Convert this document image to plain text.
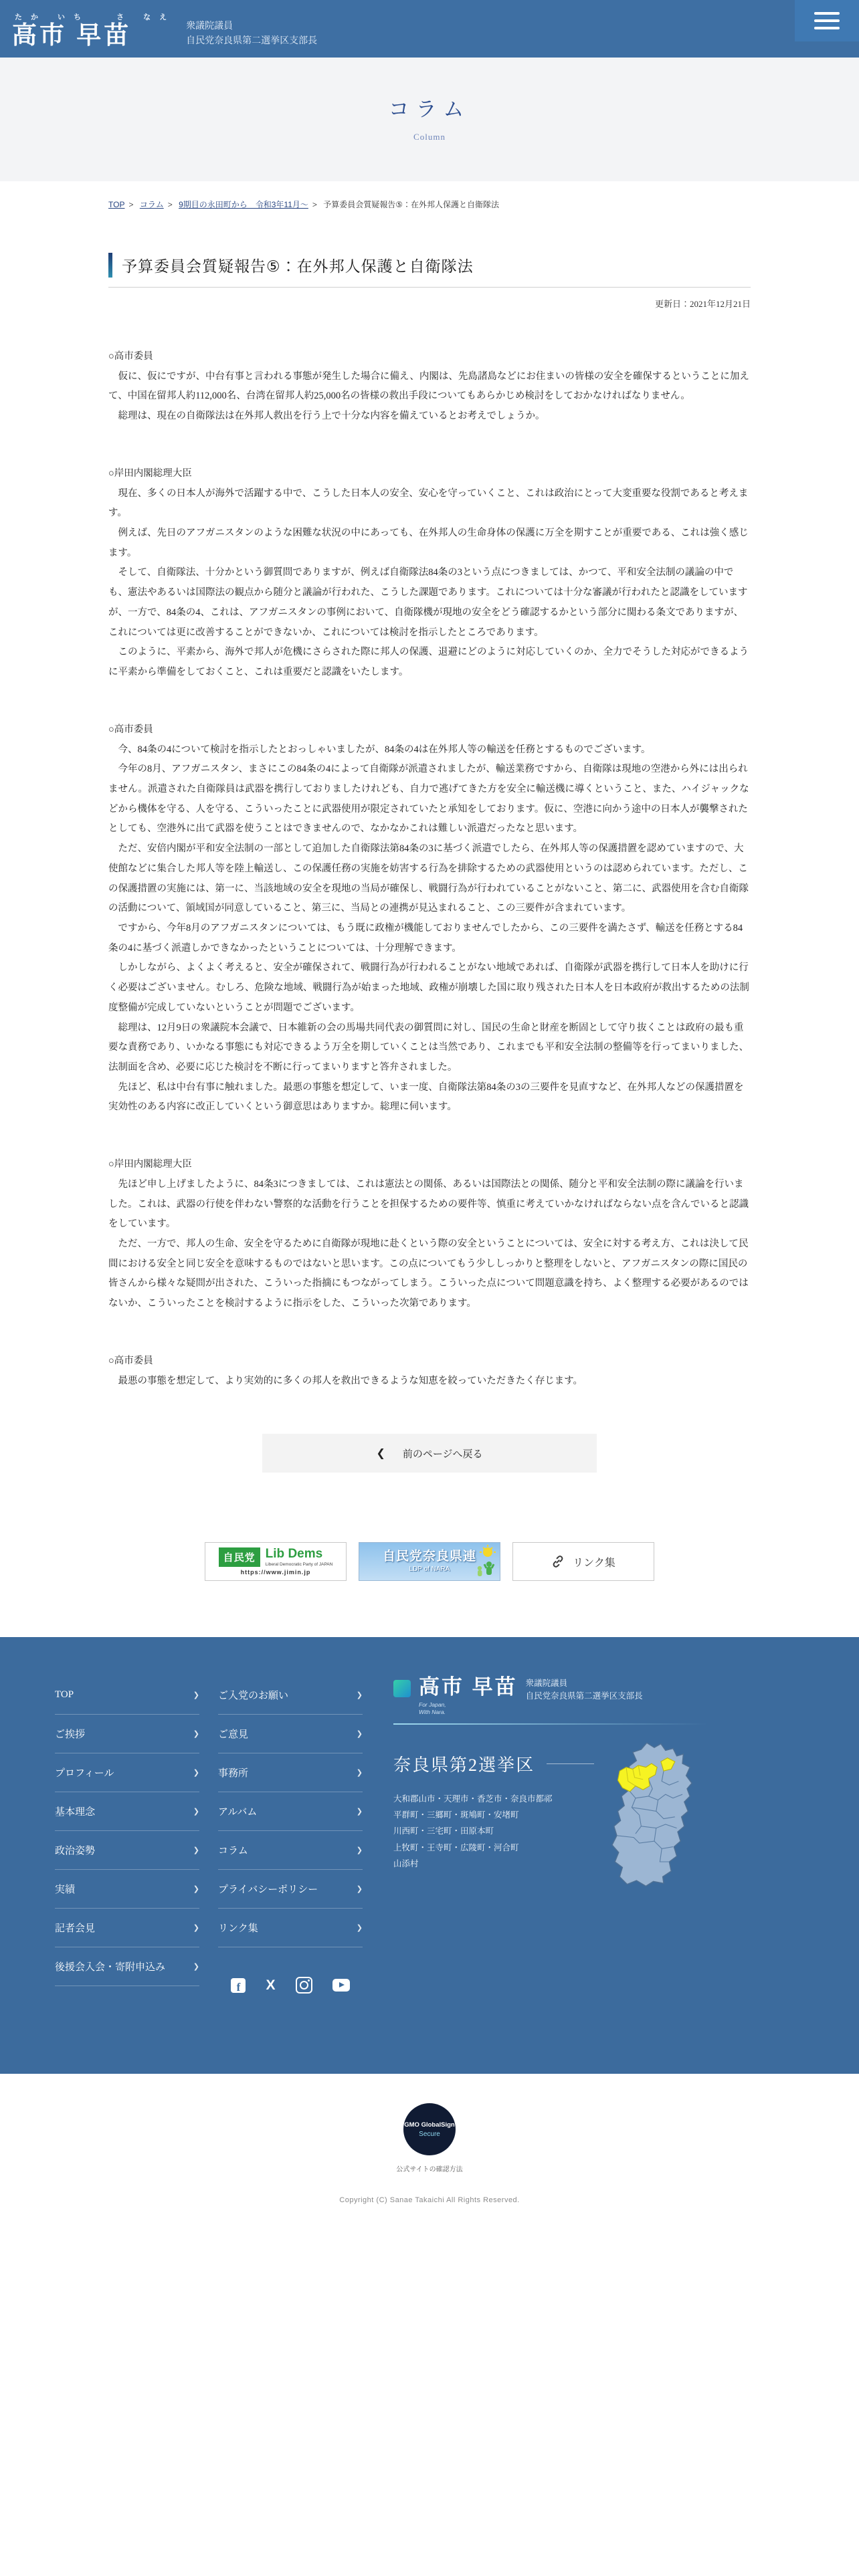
たか いち　 さ なえ
高市 早苗	衆議院議員
自民党奈良県第二選挙区支部長
コラム
Column
TOP > コラム > 9期目の永田町から　令和3年11月～ > 予算委員会質疑報告⑤：在外邦人保護と自衛隊法
予算委員会質疑報告⑤：在外邦人保護と自衛隊法
更新日：2021年12月21日

○高市委員

仮に、仮にですが、中台有事と言われる事態が発生した場合に備え、内閣は、先島諸島などにお住まいの皆様の安全を確保するということに加えて、中国在留邦人約112,000名、台湾在留邦人約25,000名の皆様の救出手段についてもあらかじめ検討をしておかなければなりません。

総理は、現在の自衛隊法は在外邦人救出を行う上で十分な内容を備えているとお考えでしょうか。

○岸田内閣総理大臣

現在、多くの日本人が海外で活躍する中で、こうした日本人の安全、安心を守っていくこと、これは政治にとって大変重要な役割であると考えます。

例えば、先日のアフガニスタンのような困難な状況の中にあっても、在外邦人の生命身体の保護に万全を期すことが重要である、これは強く感じます。

そして、自衛隊法、十分かという御質問でありますが、例えば自衛隊法84条の3という点につきましては、かつて、平和安全法制の議論の中でも、憲法やあるいは国際法の観点から随分と議論が行われた、こうした課題であります。これについては十分な審議が行われたと認識をしていますが、一方で、84条の4、これは、アフガニスタンの事例において、自衛隊機が現地の安全をどう確認するかという部分に関わる条文でありますが、これについては更に改善することができないか、これについては検討を指示したところであります。

このように、平素から、海外で邦人が危機にさらされた際に邦人の保護、退避にどのように対応していくのか、全力でそうした対応ができるように平素から準備をしておくこと、これは重要だと認識をいたします。

○高市委員

今、84条の4について検討を指示したとおっしゃいましたが、84条の4は在外邦人等の輸送を任務とするものでございます。

今年の8月、アフガニスタン、まさにこの84条の4によって自衛隊が派遣されましたが、輸送業務ですから、自衛隊は現地の空港から外には出られません。派遣された自衛隊員は武器を携行しておりましたけれども、自力で逃げてきた方を安全に輸送機に導くということ、また、ハイジャックなどから機体を守る、人を守る、こういったことに武器使用が限定されていたと承知をしております。仮に、空港に向かう途中の日本人が襲撃されたとしても、空港外に出て武器を使うことはできませんので、なかなかこれは難しい派遣だったなと思います。

ただ、安倍内閣が平和安全法制の一部として追加した自衛隊法第84条の3に基づく派遣でしたら、在外邦人等の保護措置を認めていますので、大使館などに集合した邦人等を陸上輸送し、この保護任務の実施を妨害する行為を排除するための武器使用というのは認められています。ただし、この保護措置の実施には、第一に、当該地域の安全を現地の当局が確保し、戦闘行為が行われていることがないこと、第二に、武器使用を含む自衛隊の活動について、領域国が同意していること、第三に、当局との連携が見込まれること、この三要件が含まれています。

ですから、今年8月のアフガニスタンについては、もう既に政権が機能しておりませんでしたから、この三要件を満たさず、輸送を任務とする84条の4に基づく派遣しかできなかったということについては、十分理解できます。

しかしながら、よくよく考えると、安全が確保されて、戦闘行為が行われることがない地域であれば、自衛隊が武器を携行して日本人を助けに行く必要はございません。むしろ、危険な地域、戦闘行為が始まった地域、政権が崩壊した国に取り残された日本人を日本政府が救出するための法制度整備が完成していないということが問題でございます。

総理は、12月9日の衆議院本会議で、日本維新の会の馬場共同代表の御質問に対し、国民の生命と財産を断固として守り抜くことは政府の最も重要な責務であり、いかなる事態にも対応できるよう万全を期していくことは当然であり、これまでも平和安全法制の整備等を行ってまいりました、法制面を含め、必要に応じた検討を不断に行ってまいりますと答弁されました。

先ほど、私は中台有事に触れました。最悪の事態を想定して、いま一度、自衛隊法第84条の3の三要件を見直すなど、在外邦人などの保護措置を実効性のある内容に改正していくという御意思はありますか。総理に伺います。

○岸田内閣総理大臣

先ほど申し上げましたように、84条3につきましては、これは憲法との関係、あるいは国際法との関係、随分と平和安全法制の際に議論を行いました。これは、武器の行使を伴わない警察的な活動を行うことを担保するための要件等、慎重に考えていかなければならない点を含んでいると認識をしています。

ただ、一方で、邦人の生命、安全を守るために自衛隊が現地に赴くという際の安全ということについては、安全に対する考え方、これは決して民間における安全と同じ安全を意味するものではないと思います。この点についてもう少ししっかりと整理をしないと、アフガニスタンの際に国民の皆さんから様々な疑問が出された、こういった指摘にもつながってしまう。こういった点について問題意識を持ち、よく整理する必要があるのではないか、こういったことを検討するように指示をした、こういった次第であります。

○高市委員

最悪の事態を想定して、より実効的に多くの邦人を救出できるような知恵を絞っていただきたく存じます。

❮ 前のページへ戻る
自民党 Lib Dems
Liberal Democratic Party of JAPAN
https://www.jimin.jp
自民党奈良県連
LDP of NARA
リンク集
TOP ❯
ご挨拶 ❯
プロフィール ❯
基本理念 ❯
政治姿勢 ❯
実績 ❯
記者会見 ❯
後援会入会・寄附申込み ❯
ご入党のお願い ❯
ご意見 ❯
事務所 ❯
アルバム ❯
コラム ❯
プライバシーポリシー ❯
リンク集 ❯
f	X
高市 早苗
For Japan,
With Nara.
衆議院議員
自民党奈良県第二選挙区支部長
奈良県第2選挙区
大和郡山市・天理市・香芝市・奈良市都祁
平群町・三郷町・斑鳩町・安堵町
川西町・三宅町・田原本町
上牧町・王寺町・広陵町・河合町
山添村
GMO GlobalSign
Secure
公式サイトの確認方法
Copyright (C) Sanae Takaichi All Rights Reserved.
